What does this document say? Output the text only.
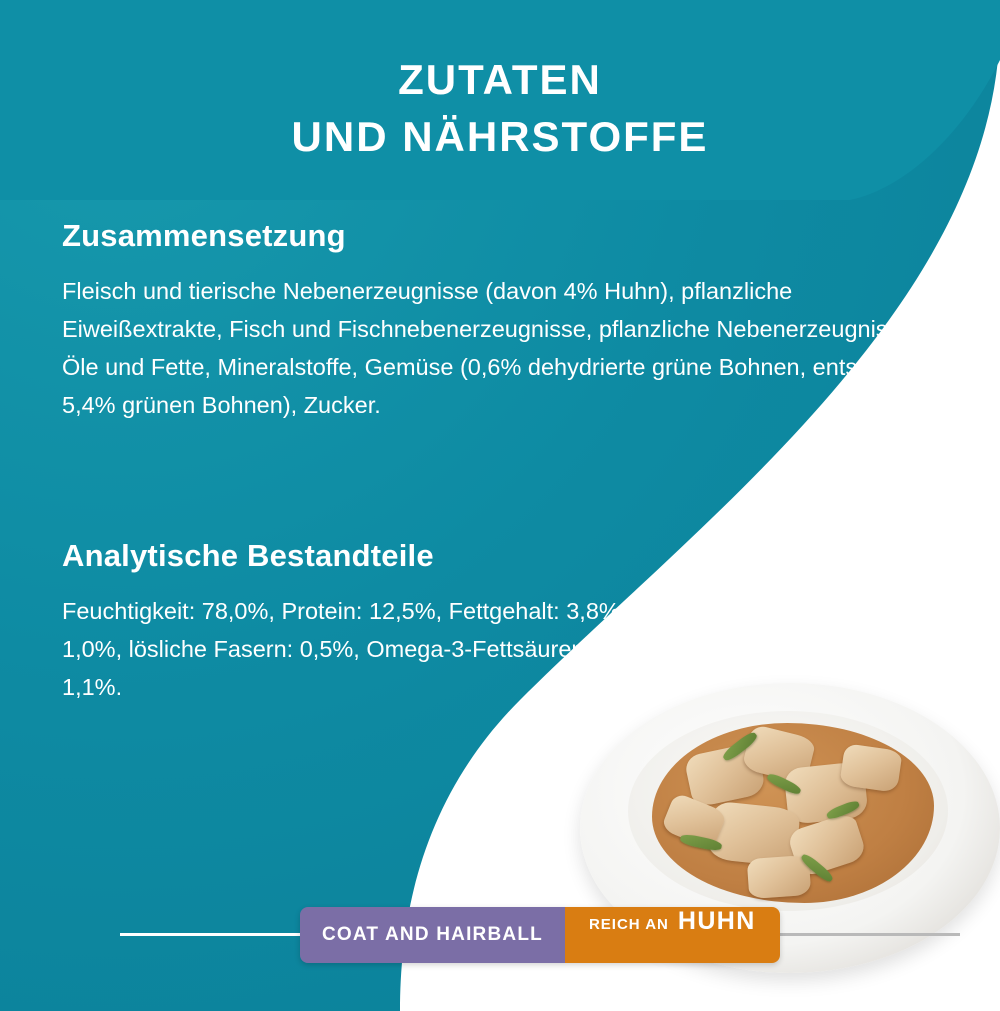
ZUTATEN
UND NÄHRSTOFFE
Zusammensetzung

Fleisch und tierische Nebenerzeugnisse (davon 4% Huhn), pflanzliche Eiweißextrakte, Fisch und Fischnebenerzeugnisse, pflanzliche Nebenerzeugnisse, Öle und Fette, Mineralstoffe, Gemüse (0,6% dehydrierte grüne Bohnen, entspricht 5,4% grünen Bohnen), Zucker.

Analytische Bestandteile

Feuchtigkeit: 78,0%, Protein: 12,5%, Fettgehalt: 3,8%, Rohasche: 2,3%, Rohfaser: 1,0%, lösliche Fasern: 0,5%, Omega-3-Fettsäuren: 0,1%, Omega-6-Fettsäuren: 1,1%.

COAT AND HAIRBALL	REICH AN HUHN
